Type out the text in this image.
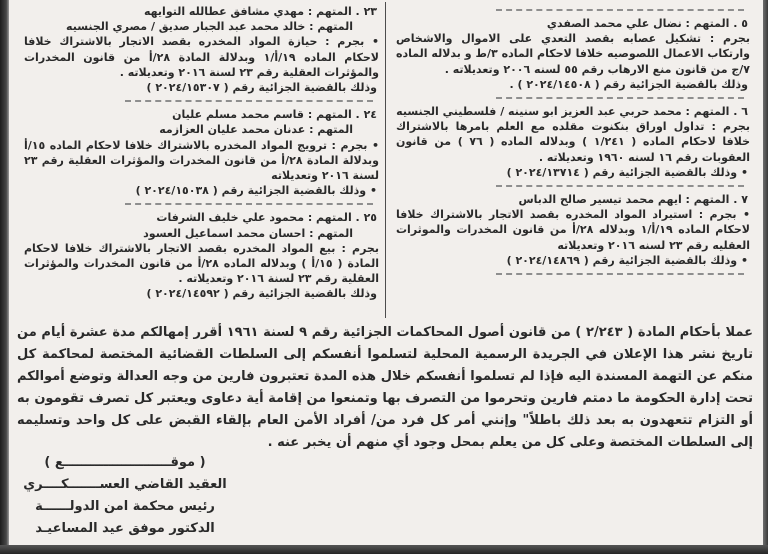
٥ . المتهم : نضال علي محمد الصفدي
بجرم : تشكيل عصابه بقصد التعدي على الاموال والاشخاص وارتكاب الاعمال اللصوصيه خلافا لاحكام الماده ٣/ط و بدلاله الماده ٧/ج من قانون منع الارهاب رقم ٥٥ لسنه ٢٠٠٦ وتعديلاته .
وذلك بالقضية الجزائية رقم ( ٢٠٢٤/١٤٥٠٨ ) .
٦ . المتهم : محمد حربي عبد العزيز ابو سنينه / فلسطيني الجنسيه
بجرم : تداول اوراق بنكنوت مقلده مع العلم بامرها بالاشتراك خلافا لاحكام الماده ( ١/٢٤١ ) وبدلاله الماده ( ٧٦ ) من قانون العقوبات رقم ١٦ لسنه ١٩٦٠ وتعديلاته .
• وذلك بالقضية الجزائية رقم ( ٢٠٢٤/١٣٧١٤ )
٧ . المتهم : ايهم محمد تيسير صالح الدباس
• بجرم : استيراد المواد المخدره بقصد الاتجار بالاشتراك خلافا لاحكام الماده ١٩/أ/١ وبدلاله ٢٨/أ من قانون المخدرات والموثرات العقليه رقم ٢٣ لسنه ٢٠١٦ وتعديلاته
• وذلك بالقضية الجزائية رقم ( ٢٠٢٤/١٤٨٦٩ )
٢٣ . المتهم : مهدي مشافق عطالله التوايهه
المتهم : خالد محمد عبد الجبار صديق / مصري الجنسيه
• بجرم : حيازة المواد المخدره بقصد الاتجار بالاشتراك خلافا لاحكام الماده ١٩/أ/١ وبدلالة المادة ٢٨/أ من قانون المخدرات والمؤثرات العقلية رقم ٢٣ لسنة ٢٠١٦ وتعديلاته .
وذلك بالقضية الجزائية رقم ( ٢٠٢٤/١٥٣٠٧ )
٢٤ . المتهم : قاسم محمد مسلم عليان
المتهم : عدنان محمد عليان العزازمه
• بجرم : ترويج المواد المخدره بالاشتراك خلافا لاحكام الماده ١٥/أ وبدلالة المادة ٢٨/أ من قانون المخدرات والمؤثرات العقلية رقم ٢٣ لسنة ٢٠١٦ وتعديلاته
• وذلك بالقضية الجزائية رقم ( ٢٠٢٤/١٥٠٣٨ )
٢٥ . المتهم : محمود علي خليف الشرفات
المتهم : احسان محمد اسماعيل العسود
بجرم : بيع المواد المخدره بقصد الاتجار بالاشتراك خلافا لاحكام المادة ( ١٥/أ ) وبدلاله الماده ٢٨/أ من قانون المخدرات والمؤثرات العقلية رقم ٢٣ لسنة ٢٠١٦ وتعديلاته .
وذلك بالقضية الجزائية رقم ( ٢٠٢٤/١٤٥٩٢ )
عملا بأحكام المادة ( ٢/٢٤٣ ) من قانون أصول المحاكمات الجزائية رقم ٩ لسنة ١٩٦١ أقرر إمهالكم مدة عشرة أيام من تاريخ نشر هذا الإعلان في الجريدة الرسمية المحلية لتسلموا أنفسكم إلى السلطات القضائية المختصة لمحاكمة كل منكم عن التهمة المسندة اليه فإذا لم تسلموا أنفسكم خلال هذه المدة تعتبرون فارين من وجه العدالة وتوضع أموالكم تحت إدارة الحكومة ما دمتم فارين وتحرموا من التصرف بها وتمنعوا من إقامة أية دعاوى ويعتبر كل تصرف تقومون به أو التزام تتعهدون به بعد ذلك باطلاً" وإنني أمر كل فرد من/ أفراد الأمن العام بإلقاء القبض على كل واحد وتسليمه إلى السلطات المختصة وعلى كل من يعلم بمحل وجود أي منهم أن يخبر عنه .
( موقــــــــــــــــــــــــع )
العقيد القاضي العســـــــكــــري
رئيس محكمة امن الدولــــــة
الدكتور موفق عيد المساعيـد
